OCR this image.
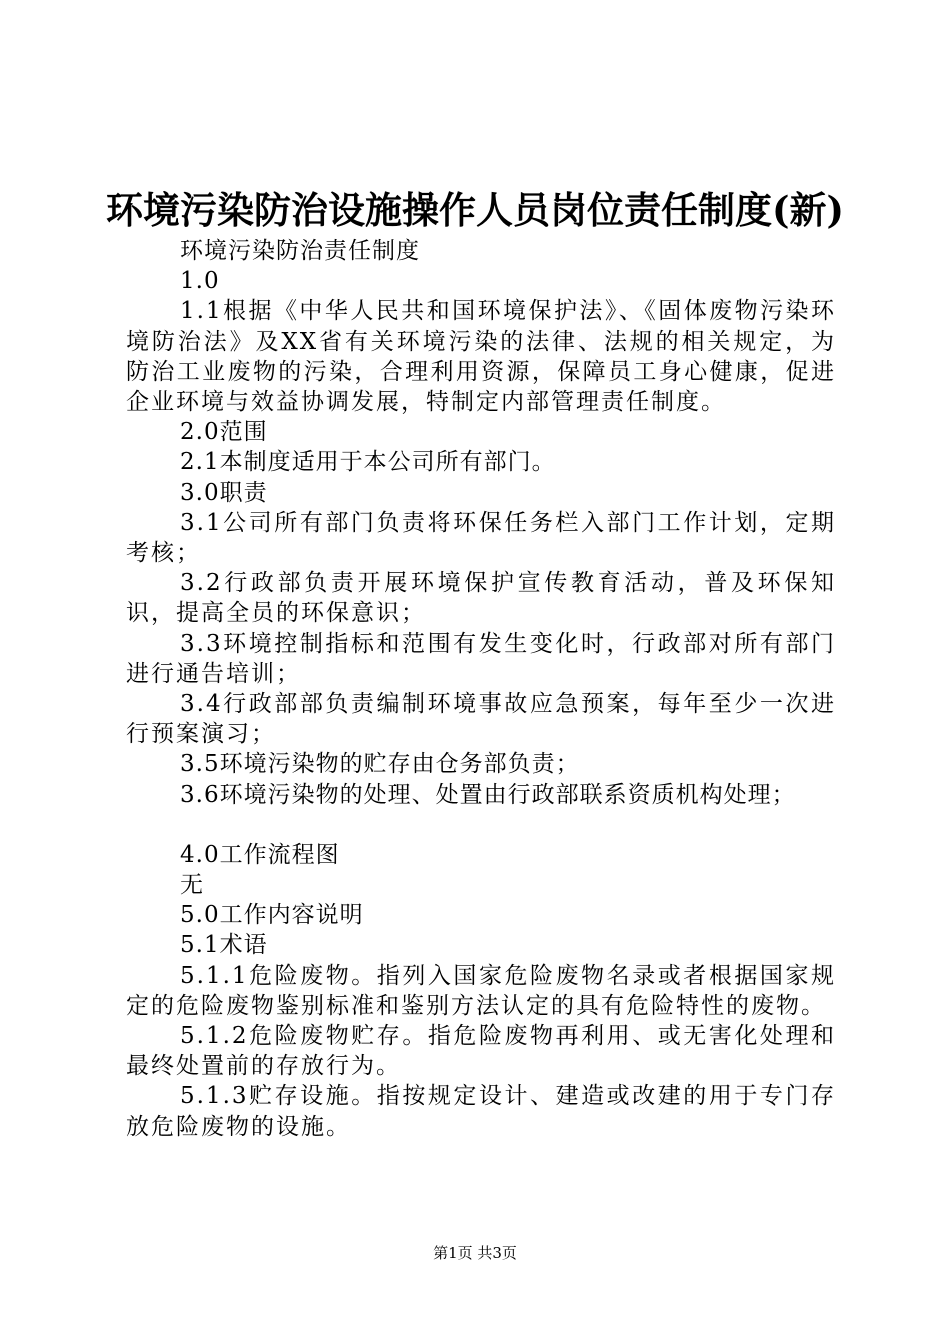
环境污染防治设施操作人员岗位责任制度(新)

环境污染防治责任制度

1.0

1.1根据《中华人民共和国环境保护法》、《固体废物污染环境防治法》及XX省有关环境污染的法律、法规的相关规定，为防治工业废物的污染，合理利用资源，保障员工身心健康，促进企业环境与效益协调发展，特制定内部管理责任制度。

2.0范围

2.1本制度适用于本公司所有部门。

3.0职责

3.1公司所有部门负责将环保任务栏入部门工作计划，定期考核；

3.2行政部负责开展环境保护宣传教育活动，普及环保知识，提高全员的环保意识；

3.3环境控制指标和范围有发生变化时，行政部对所有部门进行通告培训；

3.4行政部部负责编制环境事故应急预案，每年至少一次进行预案演习；

3.5环境污染物的贮存由仓务部负责；

3.6环境污染物的处理、处置由行政部联系资质机构处理；

4.0工作流程图

无

5.0工作内容说明

5.1术语

5.1.1危险废物。指列入国家危险废物名录或者根据国家规定的危险废物鉴别标准和鉴别方法认定的具有危险特性的废物。

5.1.2危险废物贮存。指危险废物再利用、或无害化处理和最终处置前的存放行为。

5.1.3贮存设施。指按规定设计、建造或改建的用于专门存放危险废物的设施。

第1页 共3页
